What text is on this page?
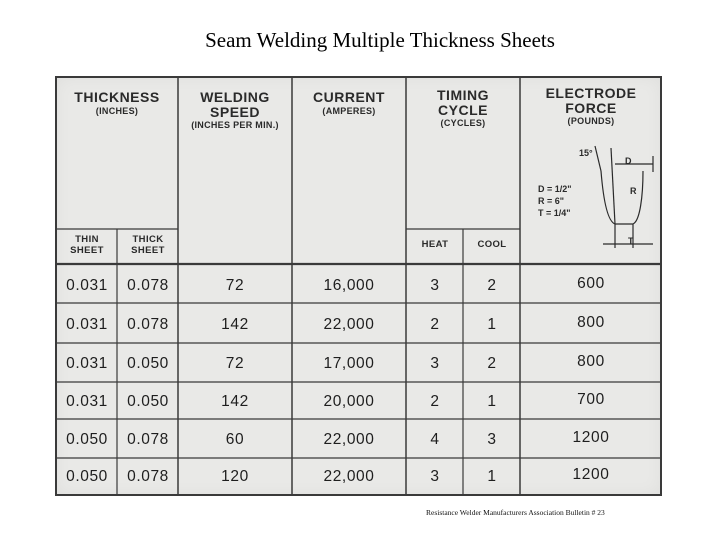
Seam Welding Multiple Thickness Sheets
THICKNESS
(INCHES)
WELDING
SPEED
(INCHES PER MIN.)
CURRENT
(AMPERES)
TIMING
CYCLE
(CYCLES)
ELECTRODE
FORCE
(POUNDS)
THIN
SHEET
THICK
SHEET
HEAT	COOL
15°
D
R
T
D = 1/2"
R = 6"
T = 1/4"
0.031	0.078	72	16,000	3	2	600
0.031	0.078	142	22,000	2	1	800
0.031	0.050	72	17,000	3	2	800
0.031	0.050	142	20,000	2	1	700
0.050	0.078	60	22,000	4	3	1200
0.050	0.078	120	22,000	3	1	1200
Resistance Welder Manufacturers Association Bulletin # 23
